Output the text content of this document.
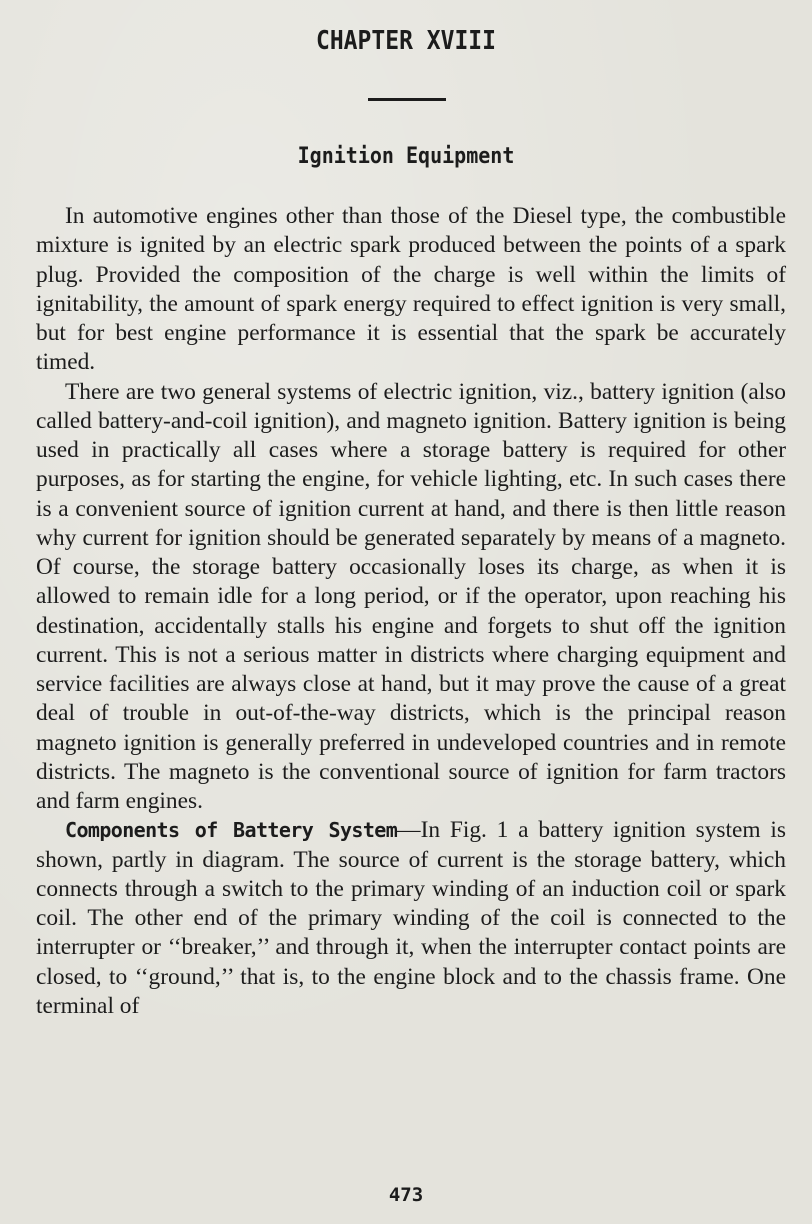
CHAPTER XVIII
Ignition Equipment

In automotive engines other than those of the Diesel type, the combustible mixture is ignited by an electric spark produced between the points of a spark plug. Provided the composition of the charge is well within the limits of ignitability, the amount of spark energy required to effect ignition is very small, but for best engine performance it is essential that the spark be accurately timed.

There are two general systems of electric ignition, viz., battery ignition (also called battery-and-coil ignition), and magneto ignition. Battery ignition is being used in practically all cases where a storage battery is required for other purposes, as for starting the engine, for vehicle lighting, etc. In such cases there is a convenient source of ignition current at hand, and there is then little reason why current for ignition should be generated separately by means of a magneto. Of course, the storage battery occasionally loses its charge, as when it is allowed to remain idle for a long period, or if the operator, upon reaching his destination, accidentally stalls his engine and forgets to shut off the ignition current. This is not a serious matter in districts where charging equipment and service facilities are always close at hand, but it may prove the cause of a great deal of trouble in out-of-the-way districts, which is the principal reason magneto ignition is generally preferred in undeveloped countries and in remote districts. The magneto is the conventional source of ignition for farm tractors and farm engines.

Components of Battery System—In Fig. 1 a battery ignition system is shown, partly in diagram. The source of current is the storage battery, which connects through a switch to the primary winding of an induction coil or spark coil. The other end of the primary winding of the coil is connected to the interrupter or ‘‘breaker,’’ and through it, when the interrupter contact points are closed, to ‘‘ground,’’ that is, to the engine block and to the chassis frame. One terminal of

473
